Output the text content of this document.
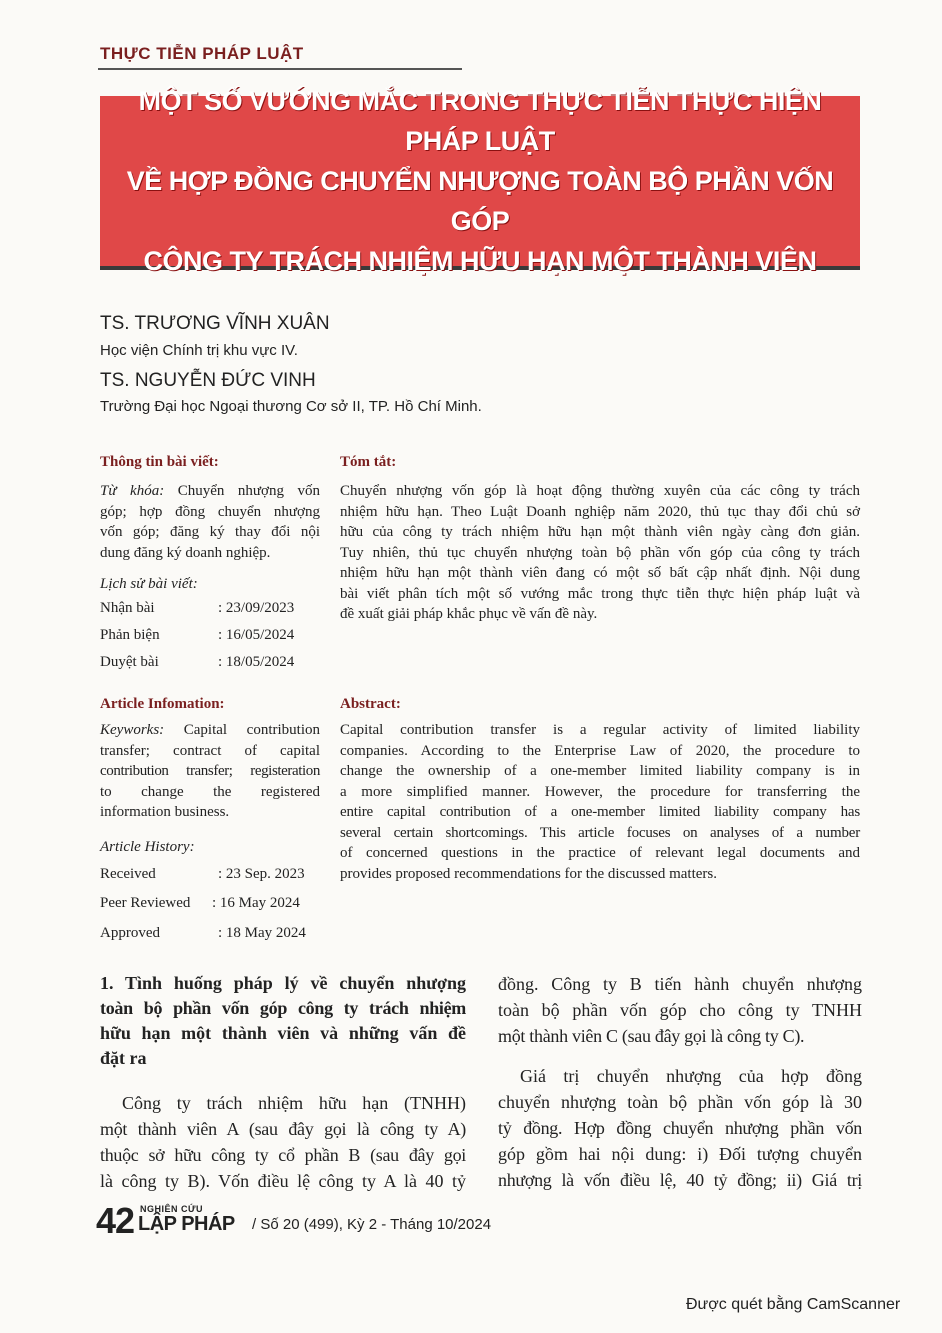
THỰC TIỄN PHÁP LUẬT
MỘT SỐ VƯỚNG MẮC TRONG THỰC TIỄN THỰC HIỆN PHÁP LUẬT
VỀ HỢP ĐỒNG CHUYỂN NHƯỢNG TOÀN BỘ PHẦN VỐN GÓP
CÔNG TY TRÁCH NHIỆM HỮU HẠN MỘT THÀNH VIÊN
TS. TRƯƠNG VĨNH XUÂN
Học viện Chính trị khu vực IV.
TS. NGUYỄN ĐỨC VINH
Trường Đại học Ngoại thương Cơ sở II, TP. Hồ Chí Minh.
Thông tin bài viết:
Từ khóa: Chuyển nhượng vốn
góp; hợp đồng chuyển nhượng
vốn góp; đăng ký thay đổi nội
dung đăng ký doanh nghiệp.
Lịch sử bài viết:
Nhận bài	: 23/09/2023
Phản biện	: 16/05/2024
Duyệt bài	: 18/05/2024
Tóm tắt:
Chuyển nhượng vốn góp là hoạt động thường xuyên của các công ty trách
nhiệm hữu hạn. Theo Luật Doanh nghiệp năm 2020, thủ tục thay đổi chủ sở
hữu của công ty trách nhiệm hữu hạn một thành viên ngày càng đơn giản.
Tuy nhiên, thủ tục chuyển nhượng toàn bộ phần vốn góp của công ty trách
nhiệm hữu hạn một thành viên đang có một số bất cập nhất định. Nội dung
bài viết phân tích một số vướng mắc trong thực tiễn thực hiện pháp luật và
đề xuất giải pháp khắc phục về vấn đề này.
Article Infomation:
Keyworks: Capital contribution
transfer; contract of capital
contribution transfer; registeration
to change the registered
information business.
Article History:
Received	: 23 Sep. 2023
Peer Reviewed : 16 May 2024
Approved	: 18 May 2024
Abstract:
Capital contribution transfer is a regular activity of limited liability
companies. According to the Enterprise Law of 2020, the procedure to
change the ownership of a one-member limited liability company is in
a more simplified manner. However, the procedure for transferring the
entire capital contribution of a one-member limited liability company has
several certain shortcomings. This article focuses on analyses of a number
of concerned questions in the practice of relevant legal documents and
provides proposed recommendations for the discussed matters.
1. Tình huống pháp lý về chuyển nhượng
toàn bộ phần vốn góp công ty trách nhiệm
hữu hạn một thành viên và những vấn đề
đặt ra
Công ty trách nhiệm hữu hạn (TNHH)
một thành viên A (sau đây gọi là công ty A)
thuộc sở hữu công ty cổ phần B (sau đây gọi
là công ty B). Vốn điều lệ công ty A là 40 tỷ
đồng. Công ty B tiến hành chuyển nhượng
toàn bộ phần vốn góp cho công ty TNHH
một thành viên C (sau đây gọi là công ty C).
Giá trị chuyển nhượng của hợp đồng
chuyển nhượng toàn bộ phần vốn góp là 30
tỷ đồng. Hợp đồng chuyển nhượng phần vốn
góp gồm hai nội dung: i) Đối tượng chuyển
nhượng là vốn điều lệ, 40 tỷ đồng; ii) Giá trị
42 NGHIÊN CỨU
LẬP PHÁP / Số 20 (499), Kỳ 2 - Tháng 10/2024
Được quét bằng CamScanner
